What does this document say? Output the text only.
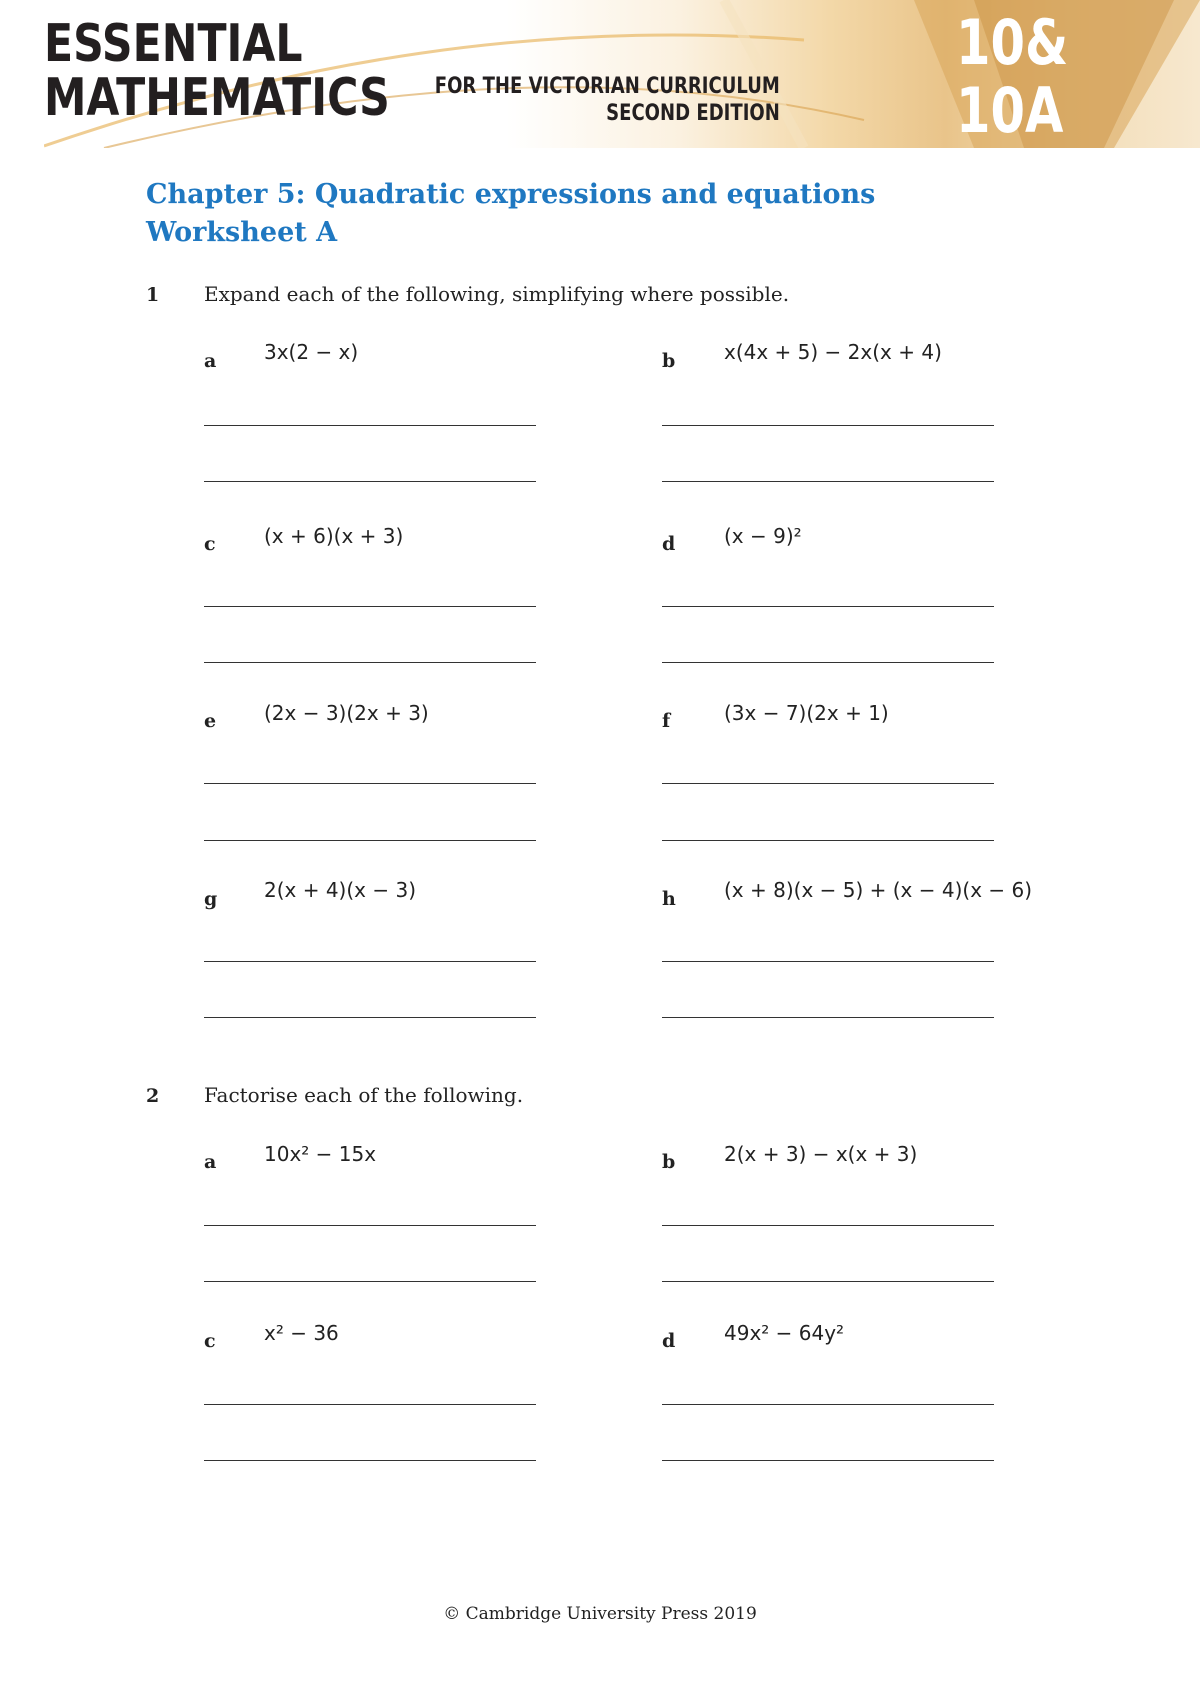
ESSENTIAL
MATHEMATICS FOR THE VICTORIAN CURRICULUM
SECOND EDITION
10&
10A
Chapter 5: Quadratic expressions and equations
Worksheet A
1 Expand each of the following, simplifying where possible.
a 3x(2 − x)	b x(4x + 5) − 2x(x + 4)
c (x + 6)(x + 3)	d (x − 9)²
e (2x − 3)(2x + 3)	f	(3x − 7)(2x + 1)
g 2(x + 4)(x − 3)	h (x + 8)(x − 5) + (x − 4)(x − 6)
2 Factorise each of the following.
a 10x² − 15x	b 2(x + 3) − x(x + 3)
c x² − 36	d 49x² − 64y²
© Cambridge University Press 2019
